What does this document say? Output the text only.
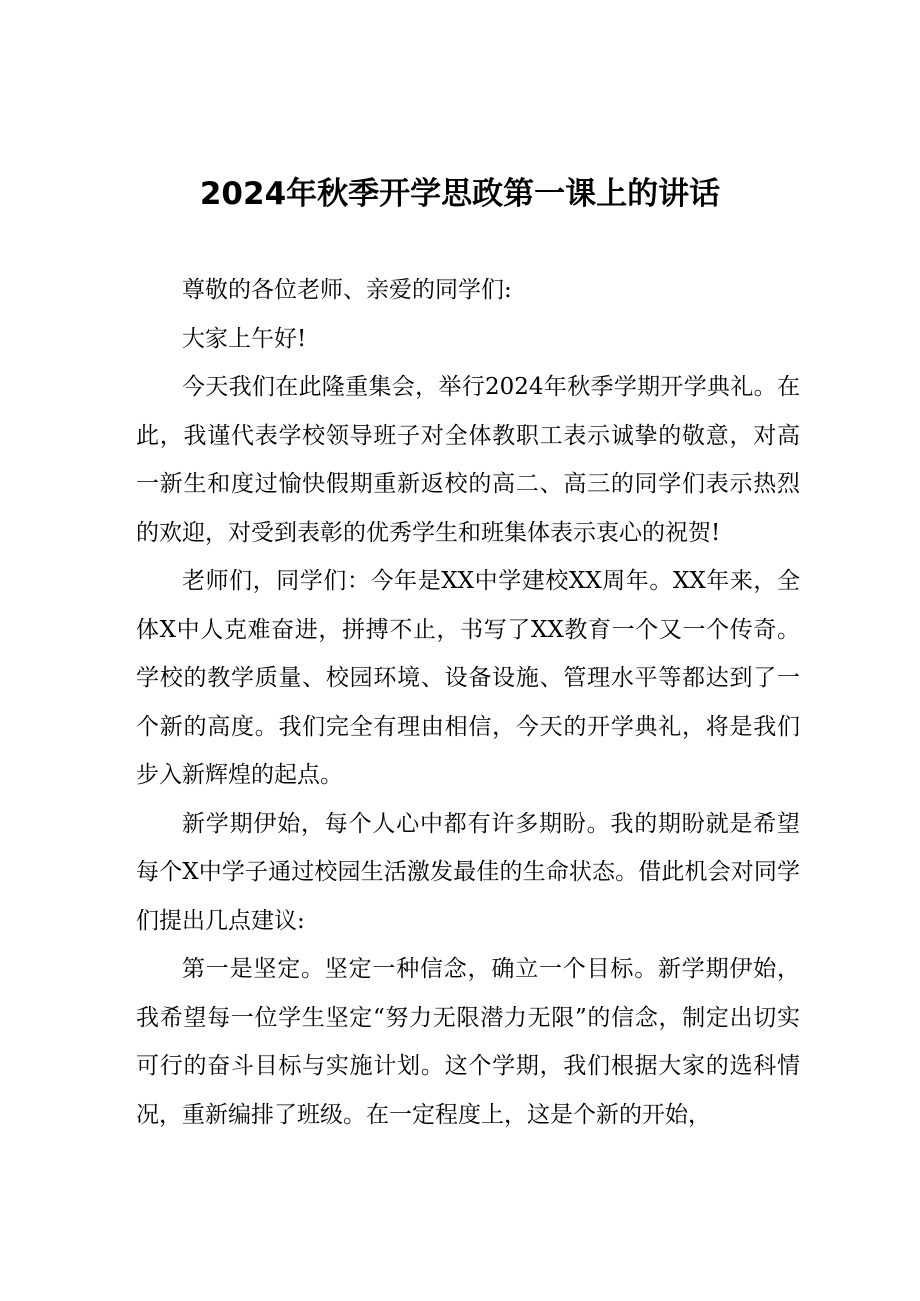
2024年秋季开学思政第一课上的讲话

尊敬的各位老师、亲爱的同学们:

大家上午好!

今天我们在此隆重集会，举行2024年秋季学期开学典礼。在此，我谨代表学校领导班子对全体教职工表示诚挚的敬意，对高一新生和度过愉快假期重新返校的高二、高三的同学们表示热烈的欢迎，对受到表彰的优秀学生和班集体表示衷心的祝贺!

老师们，同学们：今年是XX中学建校XX周年。XX年来，全体X中人克难奋进，拼搏不止，书写了XX教育一个又一个传奇。学校的教学质量、校园环境、设备设施、管理水平等都达到了一个新的高度。我们完全有理由相信，今天的开学典礼，将是我们步入新辉煌的起点。

新学期伊始，每个人心中都有许多期盼。我的期盼就是希望每个X中学子通过校园生活激发最佳的生命状态。借此机会对同学们提出几点建议:

第一是坚定。坚定一种信念，确立一个目标。新学期伊始，我希望每一位学生坚定“努力无限潜力无限”的信念，制定出切实可行的奋斗目标与实施计划。这个学期，我们根据大家的选科情况，重新编排了班级。在一定程度上，这是个新的开始，
